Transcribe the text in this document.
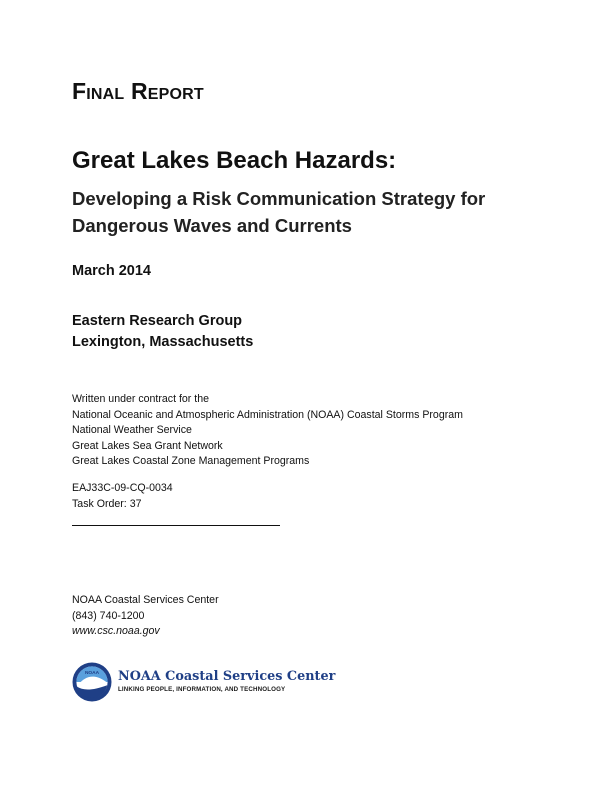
Final Report
Great Lakes Beach Hazards:
Developing a Risk Communication Strategy for
Dangerous Waves and Currents
March 2014
Eastern Research Group
Lexington, Massachusetts
Written under contract for the
National Oceanic and Atmospheric Administration (NOAA) Coastal Storms Program
National Weather Service
Great Lakes Sea Grant Network
Great Lakes Coastal Zone Management Programs
EAJ33C-09-CQ-0034
Task Order: 37
NOAA Coastal Services Center
(843) 740-1200
www.csc.noaa.gov
NOAA NOAA Coastal Services Center
LINKING PEOPLE, INFORMATION, AND TECHNOLOGY
